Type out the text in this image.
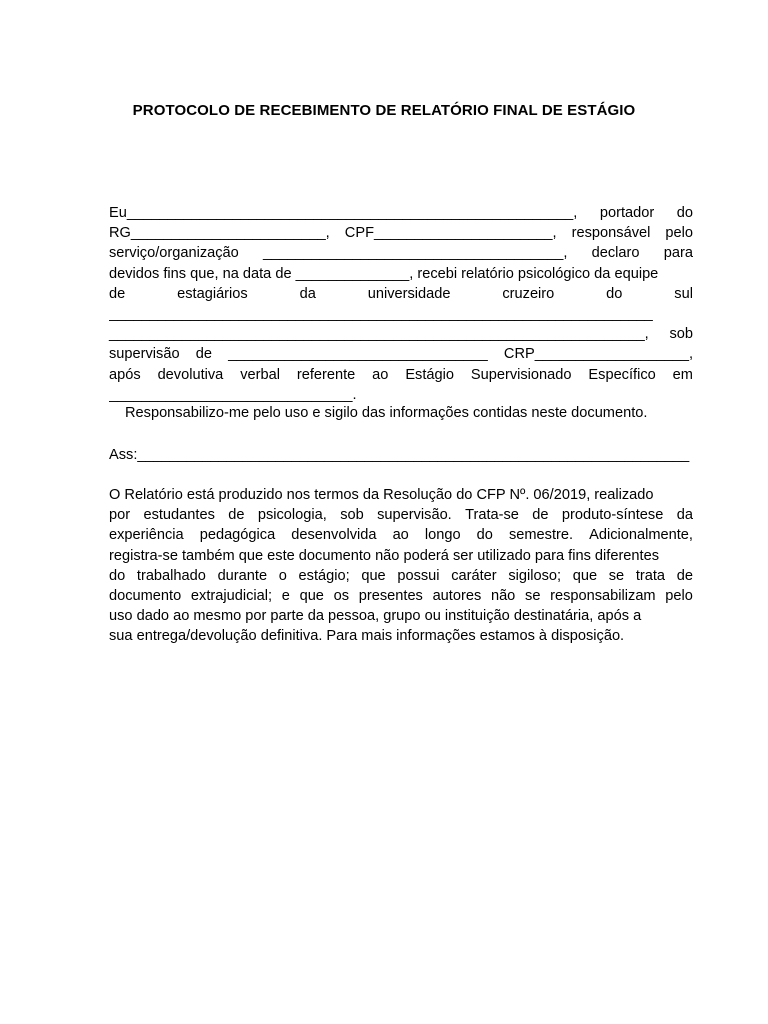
PROTOCOLO DE RECEBIMENTO DE RELATÓRIO FINAL DE ESTÁGIO
Eu_______________________________________________________, portador do
RG________________________, CPF______________________, responsável pelo
serviço/organização _____________________________________, declaro para
devidos fins que, na data de ______________, recebi relatório psicológico da equipe
de	estagiários	da	universidade	cruzeiro	do	sul
___________________________________________________________________
__________________________________________________________________, sob
supervisão de ________________________________ CRP___________________,
após devolutiva verbal referente ao Estágio Supervisionado Específico em
______________________________.
Responsabilizo-me pelo uso e sigilo das informações contidas neste documento.
Ass:____________________________________________________________________
O Relatório está produzido nos termos da Resolução do CFP Nº. 06/2019, realizado
por estudantes de psicologia, sob supervisão. Trata-se de produto-síntese da
experiência pedagógica desenvolvida ao longo do semestre. Adicionalmente,
registra-se também que este documento não poderá ser utilizado para fins diferentes
do trabalhado durante o estágio; que possui caráter sigiloso; que se trata de
documento extrajudicial; e que os presentes autores não se responsabilizam pelo
uso dado ao mesmo por parte da pessoa, grupo ou instituição destinatária, após a
sua entrega/devolução definitiva. Para mais informações estamos à disposição.
